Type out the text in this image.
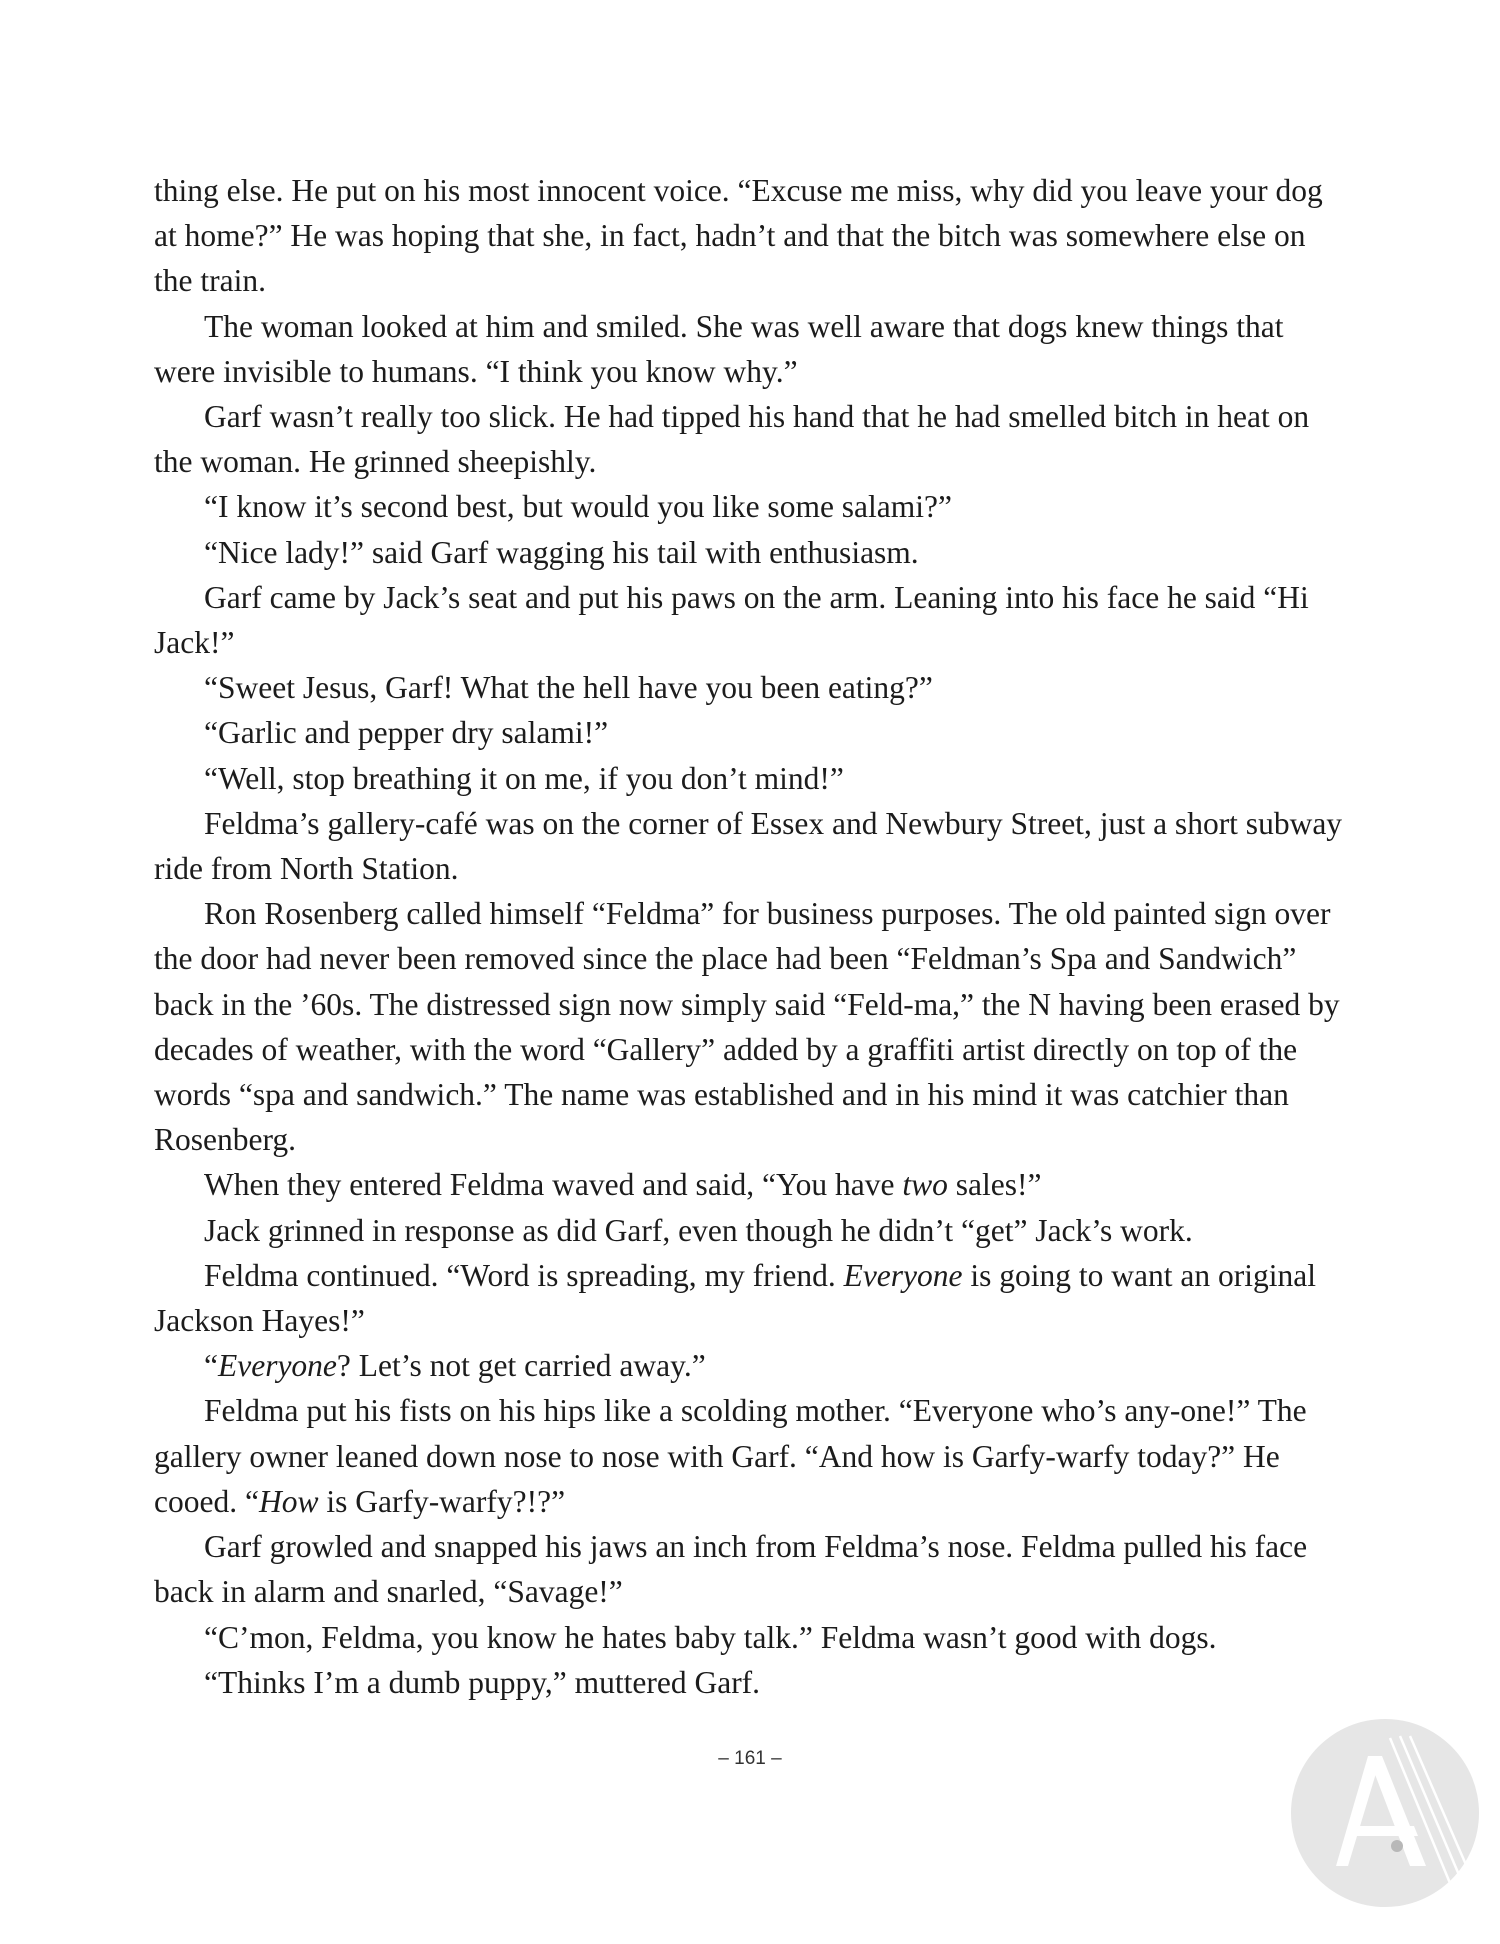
thing else. He put on his most innocent voice. “Excuse me miss, why did you leave your dog at home?” He was hoping that she, in fact, hadn’t and that the bitch was somewhere else on the train.

The woman looked at him and smiled. She was well aware that dogs knew things that were invisible to humans. “I think you know why.”

Garf wasn’t really too slick. He had tipped his hand that he had smelled bitch in heat on the woman. He grinned sheepishly.

“I know it’s second best, but would you like some salami?”

“Nice lady!” said Garf wagging his tail with enthusiasm.

Garf came by Jack’s seat and put his paws on the arm. Leaning into his face he said “Hi Jack!”

“Sweet Jesus, Garf! What the hell have you been eating?”

“Garlic and pepper dry salami!”

“Well, stop breathing it on me, if you don’t mind!”

Feldma’s gallery-café was on the corner of Essex and Newbury Street, just a short subway ride from North Station.

Ron Rosenberg called himself “Feldma” for business purposes. The old painted sign over the door had never been removed since the place had been “Feldman’s Spa and Sandwich” back in the ’60s. The distressed sign now simply said “Feld-ma,” the N having been erased by decades of weather, with the word “Gallery” added by a graffiti artist directly on top of the words “spa and sandwich.” The name was established and in his mind it was catchier than Rosenberg.

When they entered Feldma waved and said, “You have two sales!”

Jack grinned in response as did Garf, even though he didn’t “get” Jack’s work.

Feldma continued. “Word is spreading, my friend. Everyone is going to want an original Jackson Hayes!”

“Everyone? Let’s not get carried away.”

Feldma put his fists on his hips like a scolding mother. “Everyone who’s any-one!” The gallery owner leaned down nose to nose with Garf. “And how is Garfy-warfy today?” He cooed. “How is Garfy-warfy?!?”

Garf growled and snapped his jaws an inch from Feldma’s nose. Feldma pulled his face back in alarm and snarled, “Savage!”

“C’mon, Feldma, you know he hates baby talk.” Feldma wasn’t good with dogs.

“Thinks I’m a dumb puppy,” muttered Garf.

– 161 –
